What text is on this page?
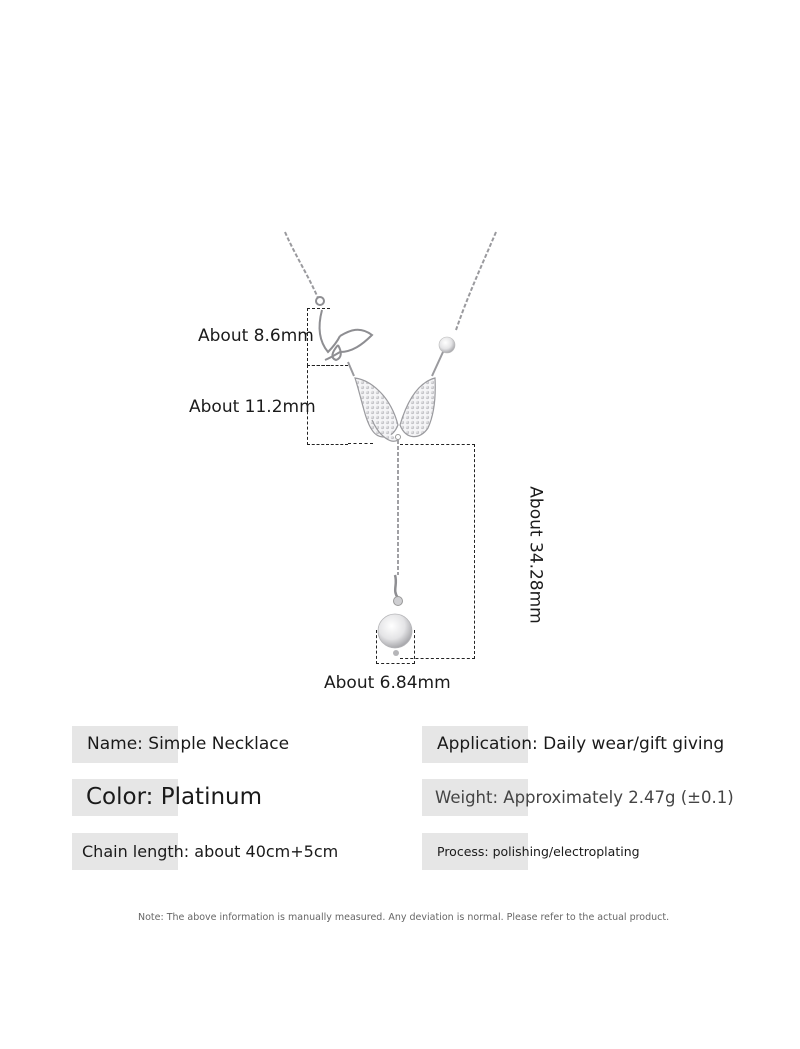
About 8.6mm
About 11.2mm
About 34.28mm
About 6.84mm
Name: Simple Necklace
Color: Platinum
Chain length: about 40cm+5cm
Application: Daily wear/gift giving
Weight: Approximately 2.47g (±0.1)
Process: polishing/electroplating
Note: The above information is manually measured. Any deviation is normal. Please refer to the actual product.
